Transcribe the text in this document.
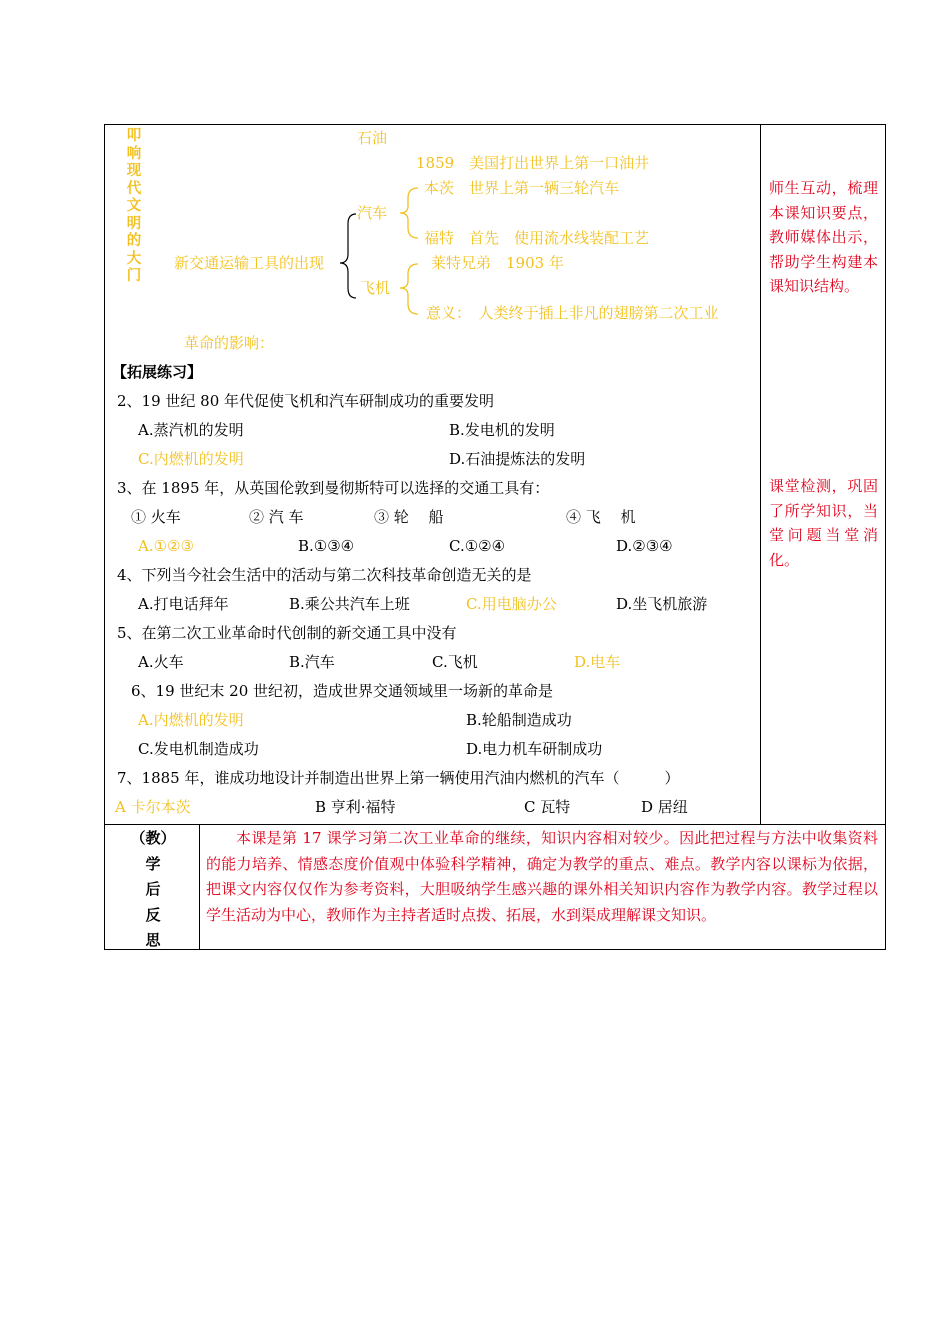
叩
响
现
代
文
明
的
大
门
石油
1859　美国打出世界上第一口油井
汽车
本茨　世界上第一辆三轮汽车
福特　首先　使用流水线装配工艺
新交通运输工具的出现
飞机
莱特兄弟　1903 年
意义：　人类终于插上非凡的翅膀第二次工业
革命的影响：
师生互动，梳理本课知识要点，教师媒体出示，帮助学生构建本课知识结构。
课堂检测，巩固了所学知识，当堂问题当堂消化。
【拓展练习】
2、19 世纪 80 年代促使飞机和汽车研制成功的重要发明
A.蒸汽机的发明	B.发电机的发明
C.内燃机的发明	D.石油提炼法的发明
3、在 1895 年，从英国伦敦到曼彻斯特可以选择的交通工具有：
① 火车	② 汽 车	③ 轮　 船	④ 飞　 机
A.①②③	B.①③④	C.①②④	D.②③④
4、下列当今社会生活中的活动与第二次科技革命创造无关的是
A.打电话拜年	B.乘公共汽车上班	C.用电脑办公	D.坐飞机旅游
5、在第二次工业革命时代创制的新交通工具中没有
A.火车	B.汽车	C.飞机	D.电车
6、19 世纪末 20 世纪初，造成世界交通领域里一场新的革命是
A.内燃机的发明	B.轮船制造成功
C.发电机制造成功	D.电力机车研制成功
7、1885 年，谁成功地设计并制造出世界上第一辆使用汽油内燃机的汽车（　　　）
A 卡尔本茨	B 亨利·福特	C 瓦特	D 居纽
（教）
学
后
反
思
本课是第 17 课学习第二次工业革命的继续，知识内容相对较少。因此把过程与方法中收集资料的能力培养、情感态度价值观中体验科学精神，确定为教学的重点、难点。教学内容以课标为依据，把课文内容仅仅作为参考资料，大胆吸纳学生感兴趣的课外相关知识内容作为教学内容。教学过程以学生活动为中心，教师作为主持者适时点拨、拓展，水到渠成理解课文知识。
